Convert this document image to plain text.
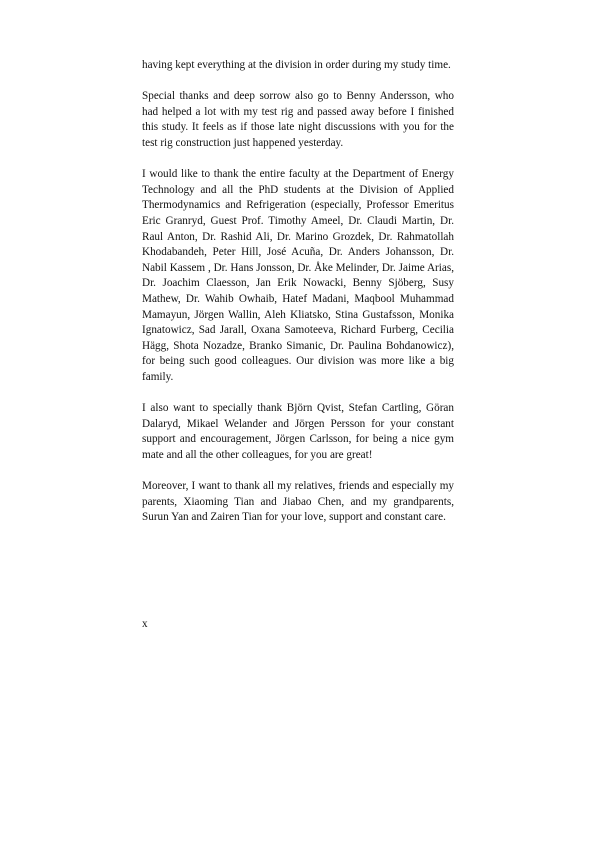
having kept everything at the division in order during my study time.

Special thanks and deep sorrow also go to Benny Andersson, who had helped a lot with my test rig and passed away before I finished this study. It feels as if those late night discussions with you for the test rig construction just happened yesterday.

I would like to thank the entire faculty at the Department of Energy Technology and all the PhD students at the Division of Applied Thermodynamics and Refrigeration (especially, Professor Emeritus Eric Granryd, Guest Prof. Timothy Ameel, Dr. Claudi Martin, Dr. Raul Anton, Dr. Rashid Ali, Dr. Marino Grozdek, Dr. Rahmatollah Khodabandeh, Peter Hill, José Acuña, Dr. Anders Johansson, Dr. Nabil Kassem , Dr. Hans Jonsson, Dr. Åke Melinder, Dr. Jaime Arias, Dr. Joachim Claesson, Jan Erik Nowacki, Benny Sjöberg, Susy Mathew, Dr. Wahib Owhaib, Hatef Madani, Maqbool Muhammad Mamayun, Jörgen Wallin, Aleh Kliatsko, Stina Gustafsson, Monika Ignatowicz, Sad Jarall, Oxana Samoteeva, Richard Furberg, Cecilia Hägg, Shota Nozadze, Branko Simanic, Dr. Paulina Bohdanowicz), for being such good colleagues. Our division was more like a big family.

I also want to specially thank Björn Qvist, Stefan Cartling, Göran Dalaryd, Mikael Welander and Jörgen Persson for your constant support and encouragement, Jörgen Carlsson, for being a nice gym mate and all the other colleagues, for you are great!

Moreover, I want to thank all my relatives, friends and especially my parents, Xiaoming Tian and Jiabao Chen, and my grandparents, Surun Yan and Zairen Tian for your love, support and constant care.

x
